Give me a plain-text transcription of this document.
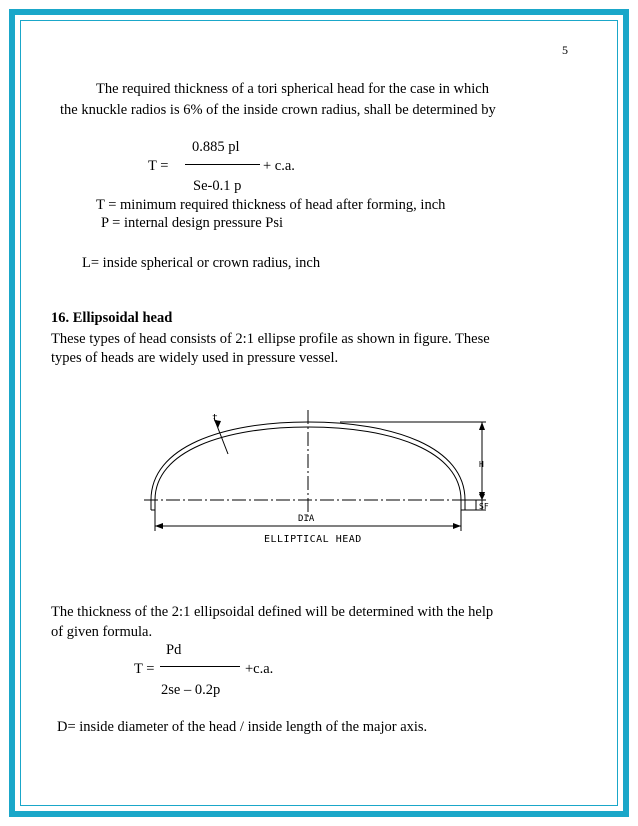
5
The required thickness of a tori spherical head for the case in which
the knuckle radios is 6% of the inside crown radius, shall be determined by
0.885 pl
T =	+ c.a.
Se-0.1 p
T = minimum required thickness of head after forming, inch
P = internal design pressure Psi
L= inside spherical or crown radius, inch
16. Ellipsoidal head
These types of head consists of 2:1 ellipse profile as shown in figure. These
types of heads are widely used in pressure vessel.
t
H
SF
DIA
ELLIPTICAL HEAD
The thickness of the 2:1 ellipsoidal defined will be determined with the help
of given formula.
Pd
T =	+c.a.
2se – 0.2p
D= inside diameter of the head / inside length of the major axis.
